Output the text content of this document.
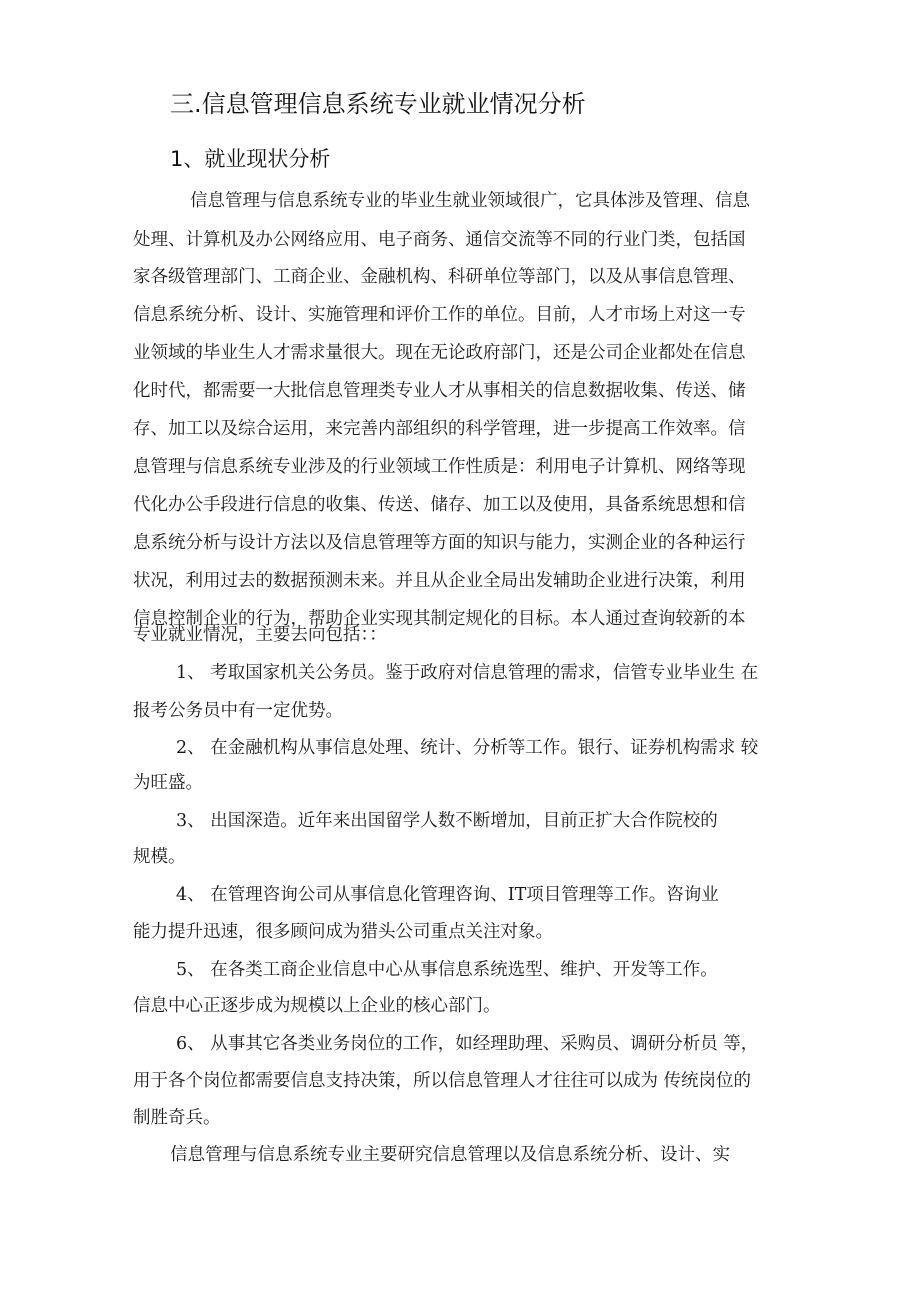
三.信息管理信息系统专业就业情况分析
1、就业现状分析
信息管理与信息系统专业的毕业生就业领域很广，它具体涉及管理、信息
处理、计算机及办公网络应用、电子商务、通信交流等不同的行业门类，包括国
家各级管理部门、工商企业、金融机构、科研单位等部门，以及从事信息管理、
信息系统分析、设计、实施管理和评价工作的单位。目前，人才市场上对这一专
业领域的毕业生人才需求量很大。现在无论政府部门，还是公司企业都处在信息
化时代，都需要一大批信息管理类专业人才从事相关的信息数据收集、传送、储
存、加工以及综合运用，来完善内部组织的科学管理，进一步提高工作效率。信
息管理与信息系统专业涉及的行业领域工作性质是：利用电子计算机、网络等现
代化办公手段进行信息的收集、传送、储存、加工以及使用，具备系统思想和信
息系统分析与设计方法以及信息管理等方面的知识与能力，实测企业的各种运行
状况，利用过去的数据预测未来。并且从企业全局出发辅助企业进行决策，利用
信息控制企业的行为，帮助企业实现其制定规化的目标。本人通过查询较新的本
专业就业情况，主要去向包括：：
1、 考取国家机关公务员。鉴于政府对信息管理的需求，信管专业毕业生 在
报考公务员中有一定优势。
2、 在金融机构从事信息处理、统计、分析等工作。银行、证券机构需求 较
为旺盛。
3、 出国深造。近年来出国留学人数不断增加，目前正扩大合作院校的
规模。
4、 在管理咨询公司从事信息化管理咨询、IT项目管理等工作。咨询业
能力提升迅速，很多顾问成为猎头公司重点关注对象。
5、 在各类工商企业信息中心从事信息系统选型、维护、开发等工作。
信息中心正逐步成为规模以上企业的核心部门。
6、 从事其它各类业务岗位的工作，如经理助理、采购员、调研分析员 等，
用于各个岗位都需要信息支持决策，所以信息管理人才往往可以成为 传统岗位的
制胜奇兵。
信息管理与信息系统专业主要研究信息管理以及信息系统分析、设计、实
